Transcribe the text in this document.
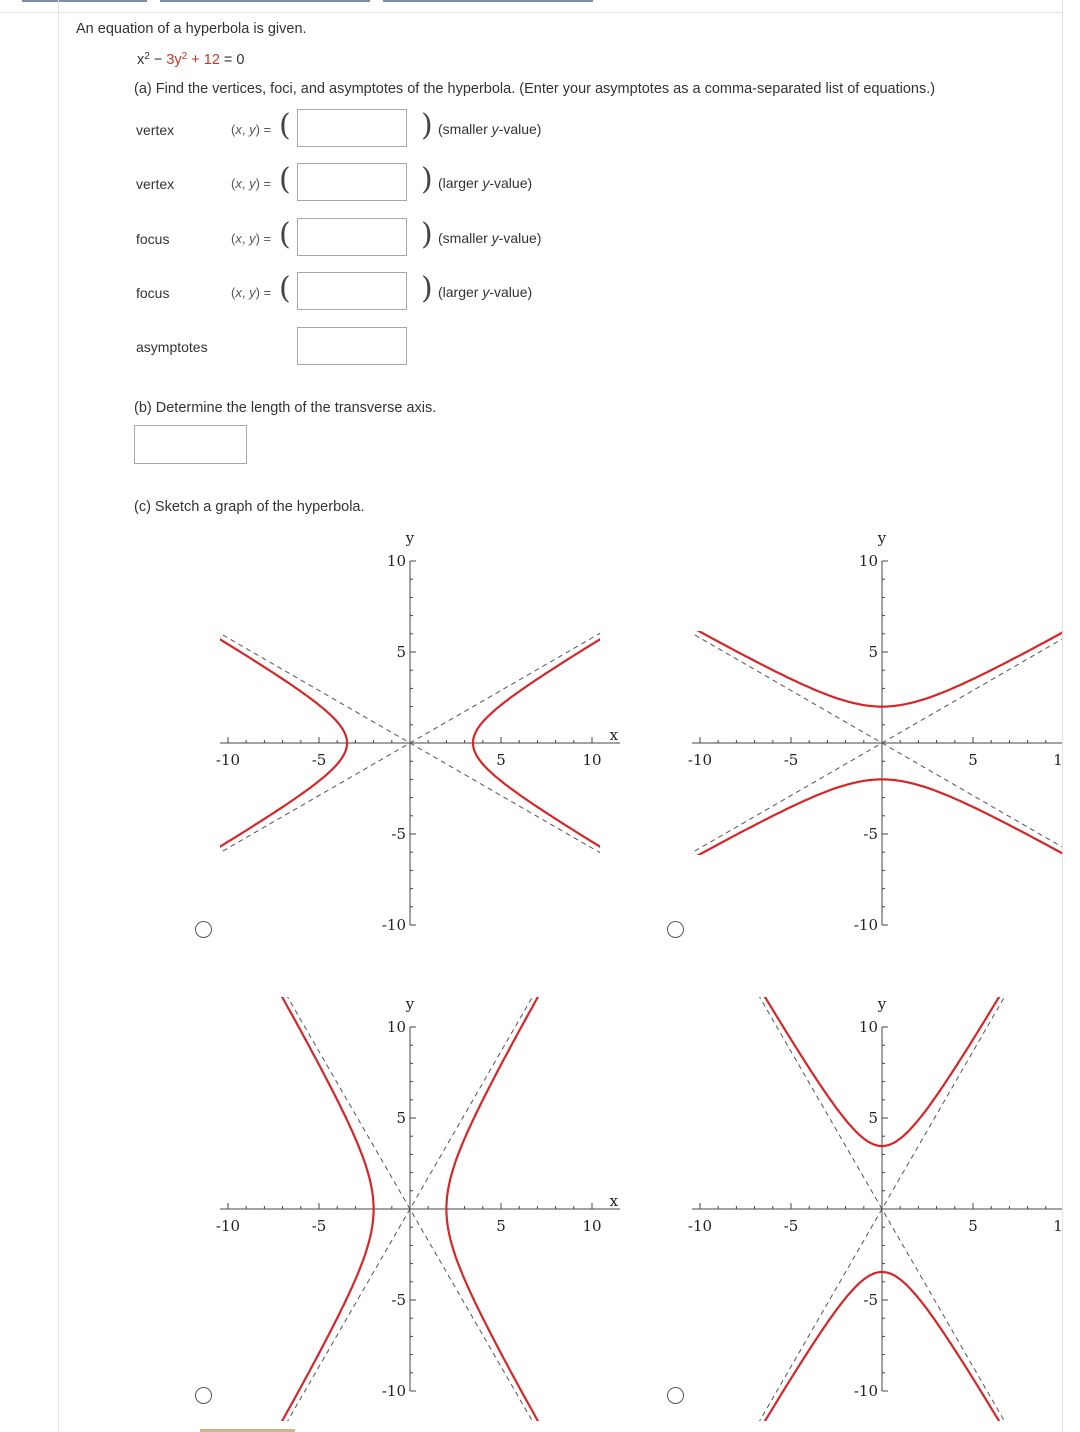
An equation of a hyperbola is given.
$x^2 - 3y^2 + 12 = 0$
(a) Find the vertices, foci, and asymptotes of the hyperbola. (Enter your asymptotes as a comma-separated list of equations.)
vertex	(x, y) = (	) (smaller y-value)
vertex	(x, y) = (	) (larger y-value)
focus	(x, y) = (	) (smaller y-value)
focus	(x, y) = (	) (larger y-value)
asymptotes
(b) Determine the length of the transverse axis.
(c) Sketch a graph of the hyperbola.
-10	-5	5	10
10
5
-5
-10
y
x
-10	-5	5	1
10
5
-5
-10
y
-10	-5	5	10
10
5
-5
-10
y
x
-10	-5	5	1
10
5
-5
-10
y
